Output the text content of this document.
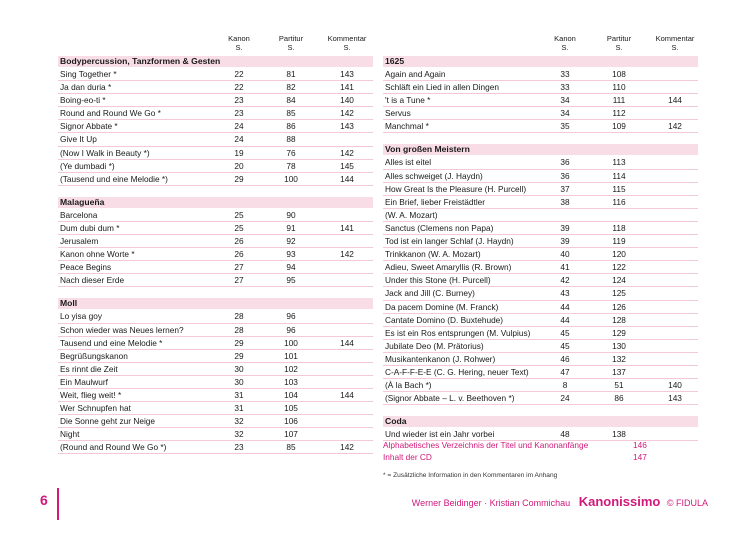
Kanon
S.
Partitur
S.
Kommentar
S.
Bodypercussion, Tanzformen & Gesten
Sing Together *	22	81	143
Ja dan duria *	22	82	141
Boing-eo-ti *	23	84	140
Round and Round We Go *	23	85	142
Signor Abbate *	24	86	143
Give It Up	24	88
(Now I Walk in Beauty *)	19	76	142
(Ye dumbadi *)	20	78	145
(Tausend und eine Melodie *)	29	100	144
Malagueña
Barcelona	25	90
Dum dubi dum *	25	91	141
Jerusalem	26	92
Kanon ohne Worte *	26	93	142
Peace Begins	27	94
Nach dieser Erde	27	95
Moll
Lo yisa goy	28	96
Schon wieder was Neues lernen?	28	96
Tausend und eine Melodie *	29	100	144
Begrüßungskanon	29	101
Es rinnt die Zeit	30	102
Ein Maulwurf	30	103
Weit, flieg weit! *	31	104	144
Wer Schnupfen hat	31	105
Die Sonne geht zur Neige	32	106
Night	32	107
(Round and Round We Go *)	23	85	142
Kanon
S.
Partitur
S.
Kommentar
S.
1625
Again and Again	33	108
Schläft ein Lied in allen Dingen	33	110
't is a Tune *	34	111	144
Servus	34	112
Manchmal *	35	109	142
Von großen Meistern
Alles ist eitel	36	113
Alles schweiget (J. Haydn)	36	114
How Great Is the Pleasure (H. Purcell)	37	115
Ein Brief, lieber Freistädtler	38	116
(W. A. Mozart)
Sanctus (Clemens non Papa)	39	118
Tod ist ein langer Schlaf (J. Haydn)	39	119
Trinkkanon (W. A. Mozart)	40	120
Adieu, Sweet Amaryllis (R. Brown)	41	122
Under this Stone (H. Purcell)	42	124
Jack and Jill (C. Burney)	43	125
Da pacem Domine (M. Franck)	44	126
Cantate Domino (D. Buxtehude)	44	128
Es ist ein Ros entsprungen (M. Vulpius)	45	129
Jubilate Deo (M. Prätorius)	45	130
Musikantenkanon (J. Rohwer)	46	132
C-A-F-F-E-E (C. G. Hering, neuer Text)	47	137
(À la Bach *)	8	51	140
(Signor Abbate – L. v. Beethoven *)	24	86	143
Coda
Und wieder ist ein Jahr vorbei	48	138
Alphabetisches Verzeichnis der Titel und Kanonanfänge	146
Inhalt der CD	147
* = Zusätzliche Information in den Kommentaren im Anhang
6	Werner Beidinger · Kristian Commichau Kanonissimo © FIDULA
